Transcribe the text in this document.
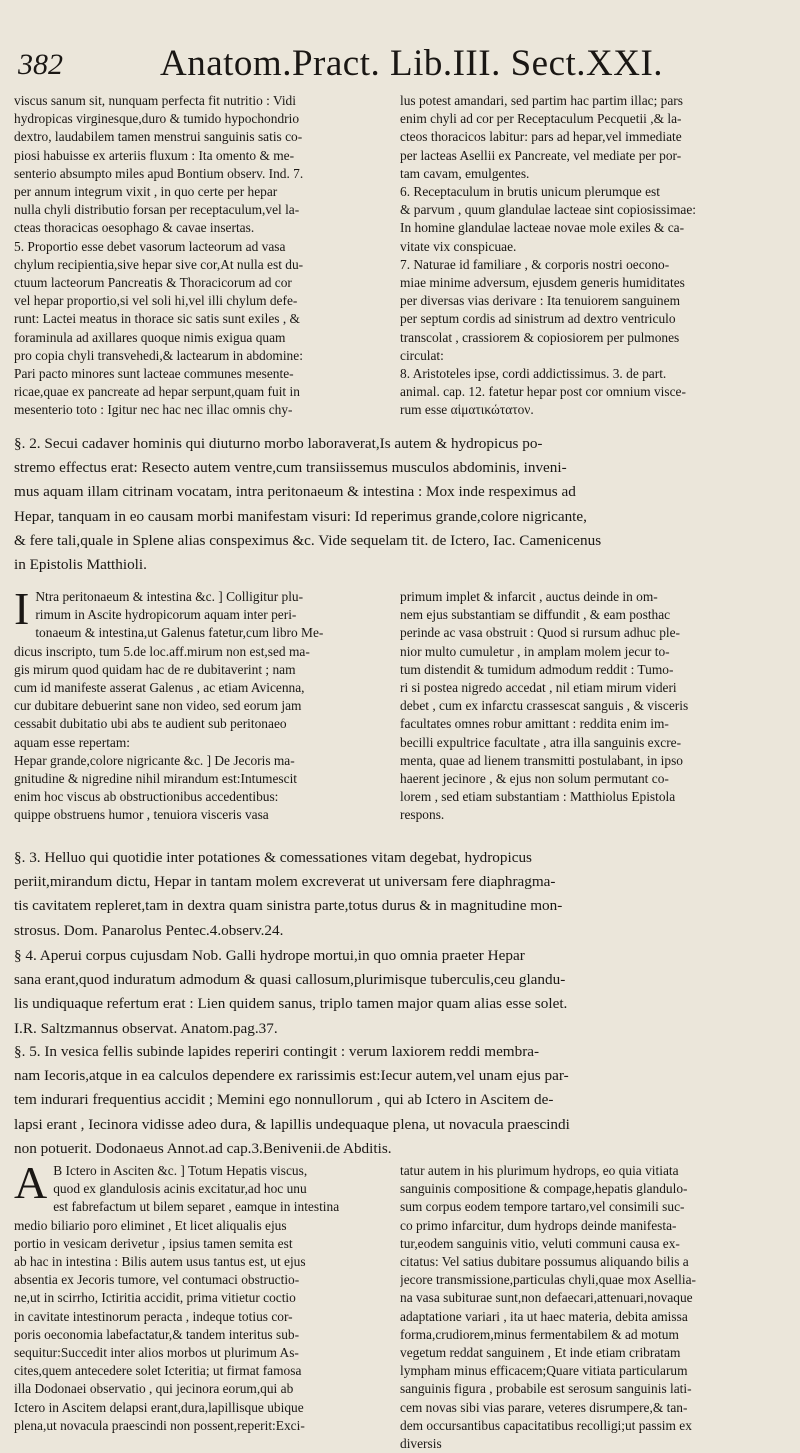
382	Anatom.Pract. Lib.III. Sect.XXI.
viscus sanum sit, nunquam perfecta fit nutritio : Vidi
hydropicas virginesque,duro & tumido hypochondrio
dextro, laudabilem tamen menstrui sanguinis satis co-
piosi habuisse ex arteriis fluxum : Ita omento & me-
senterio absumpto miles apud Bontium observ. Ind. 7.
per annum integrum vixit , in quo certe per hepar
nulla chyli distributio forsan per receptaculum,vel la-
cteas thoracicas oesophago & cavae insertas.
5. Proportio esse debet vasorum lacteorum ad vasa
chylum recipientia,sive hepar sive cor,At nulla est du-
ctuum lacteorum Pancreatis & Thoracicorum ad cor
vel hepar proportio,si vel soli hi,vel illi chylum defe-
runt: Lactei meatus in thorace sic satis sunt exiles , &
foraminula ad axillares quoque nimis exigua quam
pro copia chyli transvehedi,& lactearum in abdomine:
Pari pacto minores sunt lacteae communes mesente-
ricae,quae ex pancreate ad hepar serpunt,quam fuit in
mesenterio toto : Igitur nec hac nec illac omnis chy-
lus potest amandari, sed partim hac partim illac; pars
enim chyli ad cor per Receptaculum Pecquetii ,& la-
cteos thoracicos labitur: pars ad hepar,vel immediate
per lacteas Asellii ex Pancreate, vel mediate per por-
tam cavam, emulgentes.
6. Receptaculum in brutis unicum plerumque est
& parvum , quum glandulae lacteae sint copiosissimae:
In homine glandulae lacteae novae mole exiles & ca-
vitate vix conspicuae.
7. Naturae id familiare , & corporis nostri oecono-
miae minime adversum, ejusdem generis humiditates
per diversas vias derivare : Ita tenuiorem sanguinem
per septum cordis ad sinistrum ad dextro ventriculo
transcolat , crassiorem & copiosiorem per pulmones
circulat:
8. Aristoteles ipse, cordi addictissimus. 3. de part.
animal. cap. 12. fatetur hepar post cor omnium visce-
rum esse αἱματικώτατον.
§. 2. Secui cadaver hominis qui diuturno morbo laboraverat,Is autem & hydropicus po-
stremo effectus erat: Resecto autem ventre,cum transiissemus musculos abdominis, inveni-
mus aquam illam citrinam vocatam, intra peritonaeum & intestina : Mox inde respeximus ad
Hepar, tanquam in eo causam morbi manifestam visuri: Id reperimus grande,colore nigricante,
& fere tali,quale in Splene alias conspeximus &c. Vide sequelam tit. de Ictero, Iac. Camenicenus
in Epistolis Matthioli.
I Ntra peritonaeum & intestina &c. ] Colligitur plu-
rimum in Ascite hydropicorum aquam inter peri-
tonaeum & intestina,ut Galenus fatetur,cum libro Me-
dicus inscripto, tum 5.de loc.aff.mirum non est,sed ma-
gis mirum quod quidam hac de re dubitaverint ; nam
cum id manifeste asserat Galenus , ac etiam Avicenna,
cur dubitare debuerint sane non video, sed eorum jam
cessabit dubitatio ubi abs te audient sub peritonaeo
aquam esse repertam:
Hepar grande,colore nigricante &c. ] De Jecoris ma-
gnitudine & nigredine nihil mirandum est:Intumescit
enim hoc viscus ab obstructionibus accedentibus:
quippe obstruens humor , tenuiora visceris vasa
primum implet & infarcit , auctus deinde in om-
nem ejus substantiam se diffundit , & eam posthac
perinde ac vasa obstruit : Quod si rursum adhuc ple-
nior multo cumuletur , in amplam molem jecur to-
tum distendit & tumidum admodum reddit : Tumo-
ri si postea nigredo accedat , nil etiam mirum videri
debet , cum ex infarctu crassescat sanguis , & visceris
facultates omnes robur amittant : reddita enim im-
becilli expultrice facultate , atra illa sanguinis excre-
menta, quae ad lienem transmitti postulabant, in ipso
haerent jecinore , & ejus non solum permutant co-
lorem , sed etiam substantiam : Matthiolus Epistola
respons.
§. 3. Helluo qui quotidie inter potationes & comessationes vitam degebat, hydropicus
periit,mirandum dictu, Hepar in tantam molem excreverat ut universam fere diaphragma-
tis cavitatem repleret,tam in dextra quam sinistra parte,totus durus & in magnitudine mon-
strosus. Dom. Panarolus Pentec.4.observ.24.
§ 4. Aperui corpus cujusdam Nob. Galli hydrope mortui,in quo omnia praeter Hepar
sana erant,quod induratum admodum & quasi callosum,plurimisque tuberculis,ceu glandu-
lis undiquaque refertum erat : Lien quidem sanus, triplo tamen major quam alias esse solet.
I.R. Saltzmannus observat. Anatom.pag.37.
§. 5. In vesica fellis subinde lapides reperiri contingit : verum laxiorem reddi membra-
nam Iecoris,atque in ea calculos dependere ex rarissimis est:Iecur autem,vel unam ejus par-
tem indurari frequentius accidit ; Memini ego nonnullorum , qui ab Ictero in Ascitem de-
lapsi erant , Iecinora vidisse adeo dura, & lapillis undequaque plena, ut novacula praescindi
non potuerit. Dodonaeus Annot.ad cap.3.Benivenii.de Abditis.
A B Ictero in Asciten &c. ] Totum Hepatis viscus,
quod ex glandulosis acinis excitatur,ad hoc unu
est fabrefactum ut bilem separet , eamque in intestina
medio biliario poro eliminet , Et licet aliqualis ejus
portio in vesicam derivetur , ipsius tamen semita est
ab hac in intestina : Bilis autem usus tantus est, ut ejus
absentia ex Jecoris tumore, vel contumaci obstructio-
ne,ut in scirrho, Ictiritia accidit, prima vitietur coctio
in cavitate intestinorum peracta , indeque totius cor-
poris oeconomia labefactatur,& tandem interitus sub-
sequitur:Succedit inter alios morbos ut plurimum As-
cites,quem antecedere solet Icteritia; ut firmat famosa
illa Dodonaei observatio , qui jecinora eorum,qui ab
Ictero in Ascitem delapsi erant,dura,lapillisque ubique
plena,ut novacula praescindi non possent,reperit:Exci-
tatur autem in his plurimum hydrops, eo quia vitiata
sanguinis compositione & compage,hepatis glandulo-
sum corpus eodem tempore tartaro,vel consimili suc-
co primo infarcitur, dum hydrops deinde manifesta-
tur,eodem sanguinis vitio, veluti communi causa ex-
citatus: Vel satius dubitare possumus aliquando bilis a
jecore transmissione,particulas chyli,quae mox Asellia-
na vasa subiturae sunt,non defaecari,attenuari,novaque
adaptatione variari , ita ut haec materia, debita amissa
forma,crudiorem,minus fermentabilem & ad motum
vegetum reddat sanguinem , Et inde etiam cribratam
lympham minus efficacem;Quare vitiata particularum
sanguinis figura , probabile est serosum sanguinis lati-
cem novas sibi vias parare, veteres disrumpere,& tan-
dem occursantibus capacitatibus recolligi;ut passim ex
diversis
